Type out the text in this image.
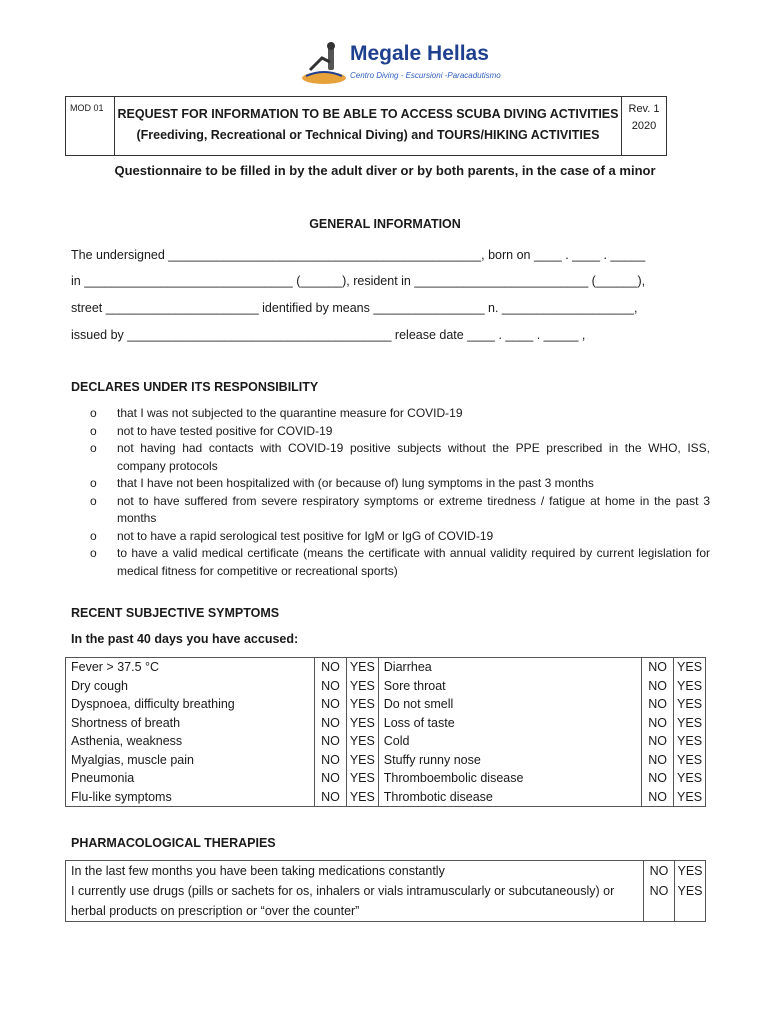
Megale Hellas
Centro Diving - Escursioni -Paracadutismo
MOD 01 REQUEST FOR INFORMATION TO BE ABLE TO ACCESS SCUBA DIVING ACTIVITIES
(Freediving, Recreational or Technical Diving) and TOURS/HIKING ACTIVITIES
Rev. 1
2020
Questionnaire to be filled in by the adult diver or by both parents, in the case of a minor
GENERAL INFORMATION
The undersigned _____________________________________________, born on ____ . ____ . _____
in ______________________________ (______), resident in _________________________ (______),
street ______________________ identified by means ________________ n. ___________________,
issued by ______________________________________ release date ____ . ____ . _____ ,
DECLARES UNDER ITS RESPONSIBILITY
o that I was not subjected to the quarantine measure for COVID-19
o not to have tested positive for COVID-19
o not having had contacts with COVID-19 positive subjects without the PPE prescribed in the WHO, ISS, company protocols
o that I have not been hospitalized with (or because of) lung symptoms in the past 3 months
o not to have suffered from severe respiratory symptoms or extreme tiredness / fatigue at home in the past 3 months
o not to have a rapid serological test positive for IgM or IgG of COVID-19
o to have a valid medical certificate (means the certificate with annual validity required by current legislation for medical fitness for competitive or recreational sports)
RECENT SUBJECTIVE SYMPTOMS
In the past 40 days you have accused:
Fever > 37.5 °C	NO	YES	Diarrhea	NO	YES
Dry cough	NO	YES	Sore throat	NO	YES
Dyspnoea, difficulty breathing	NO	YES	Do not smell	NO	YES
Shortness of breath	NO	YES	Loss of taste	NO	YES
Asthenia, weakness	NO	YES	Cold	NO	YES
Myalgias, muscle pain	NO	YES	Stuffy runny nose	NO	YES
Pneumonia	NO	YES	Thromboembolic disease	NO	YES
Flu-like symptoms	NO	YES	Thrombotic disease	NO	YES
PHARMACOLOGICAL THERAPIES
In the last few months you have been taking medications constantly	NO	YES
I currently use drugs (pills or sachets for os, inhalers or vials intramuscularly or subcutaneously) or herbal products on prescription or “over the counter”	NO	YES
